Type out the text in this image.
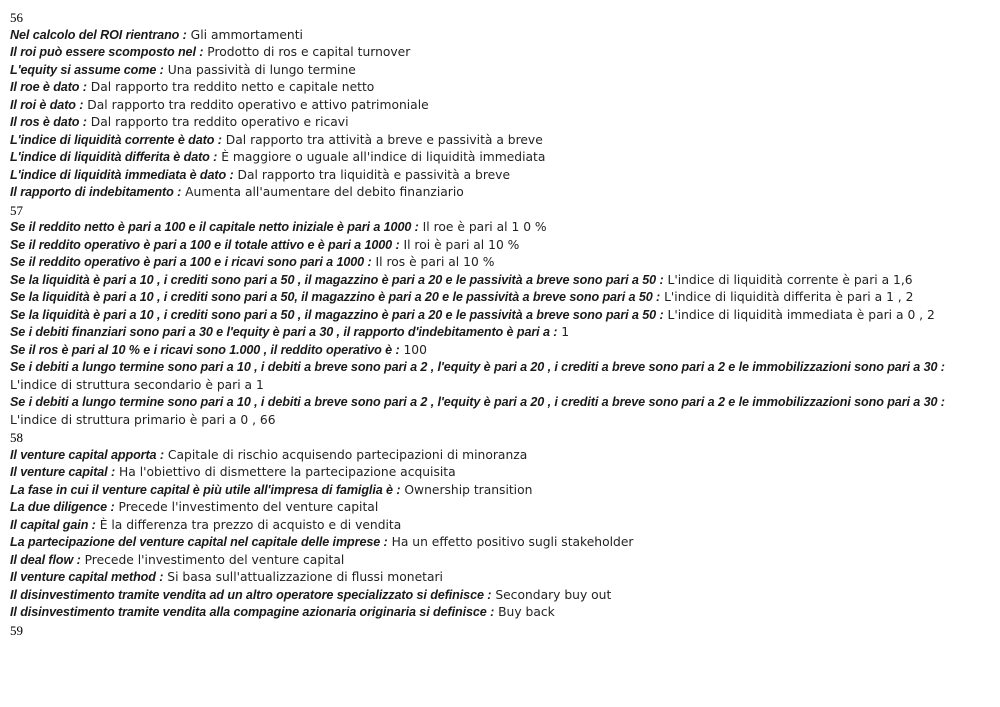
56
Nel calcolo del ROI rientrano : Gli ammortamenti
Il roi può essere scomposto nel : Prodotto di ros e capital turnover
L'equity si assume come : Una passività di lungo termine
Il roe è dato : Dal rapporto tra reddito netto e capitale netto
Il roi è dato : Dal rapporto tra reddito operativo e attivo patrimoniale
Il ros è dato : Dal rapporto tra reddito operativo e ricavi
L'indice di liquidità corrente è dato : Dal rapporto tra attività a breve e passività a breve
L'indice di liquidità differita è dato : È maggiore o uguale all'indice di liquidità immediata
L'indice di liquidità immediata è dato : Dal rapporto tra liquidità e passività a breve
Il rapporto di indebitamento : Aumenta all'aumentare del debito finanziario
57
Se il reddito netto è pari a 100 e il capitale netto iniziale è pari a 1000 : Il roe è pari al 1 0 %
Se il reddito operativo è pari a 100 e il totale attivo e è pari a 1000 : Il roi è pari al 10 %
Se il reddito operativo è pari a 100 e i ricavi sono pari a 1000 : Il ros è pari al 10 %
Se la liquidità è pari a 10 , i crediti sono pari a 50 , il magazzino è pari a 20 e le passività a breve sono pari a 50 : L'indice di liquidità corrente è pari a 1,6
Se la liquidità è pari a 10 , i crediti sono pari a 50, il magazzino è pari a 20 e le passività a breve sono pari a 50 : L'indice di liquidità differita è pari a 1 , 2
Se la liquidità è pari a 10 , i crediti sono pari a 50 , il magazzino è pari a 20 e le passività a breve sono pari a 50 : L'indice di liquidità immediata è pari a 0 , 2
Se i debiti finanziari sono pari a 30 e l'equity è pari a 30 , il rapporto d'indebitamento è pari a : 1
Se il ros è pari al 10 % e i ricavi sono 1.000 , il reddito operativo è : 100
Se i debiti a lungo termine sono pari a 10 , i debiti a breve sono pari a 2 , l'equity è pari a 20 , i crediti a breve sono pari a 2 e le immobilizzazioni sono pari a 30 : L'indice di struttura secondario è pari a 1
Se i debiti a lungo termine sono pari a 10 , i debiti a breve sono pari a 2 , l'equity è pari a 20 , i crediti a breve sono pari a 2 e le immobilizzazioni sono pari a 30 : L'indice di struttura primario è pari a 0 , 66
58
Il venture capital apporta : Capitale di rischio acquisendo partecipazioni di minoranza
Il venture capital : Ha l'obiettivo di dismettere la partecipazione acquisita
La fase in cui il venture capital è più utile all'impresa di famiglia è : Ownership transition
La due diligence : Precede l'investimento del venture capital
Il capital gain : È la differenza tra prezzo di acquisto e di vendita
La partecipazione del venture capital nel capitale delle imprese : Ha un effetto positivo sugli stakeholder
Il deal flow : Precede l'investimento del venture capital
Il venture capital method : Si basa sull'attualizzazione di flussi monetari
Il disinvestimento tramite vendita ad un altro operatore specializzato si definisce : Secondary buy out
Il disinvestimento tramite vendita alla compagine azionaria originaria si definisce : Buy back
59
